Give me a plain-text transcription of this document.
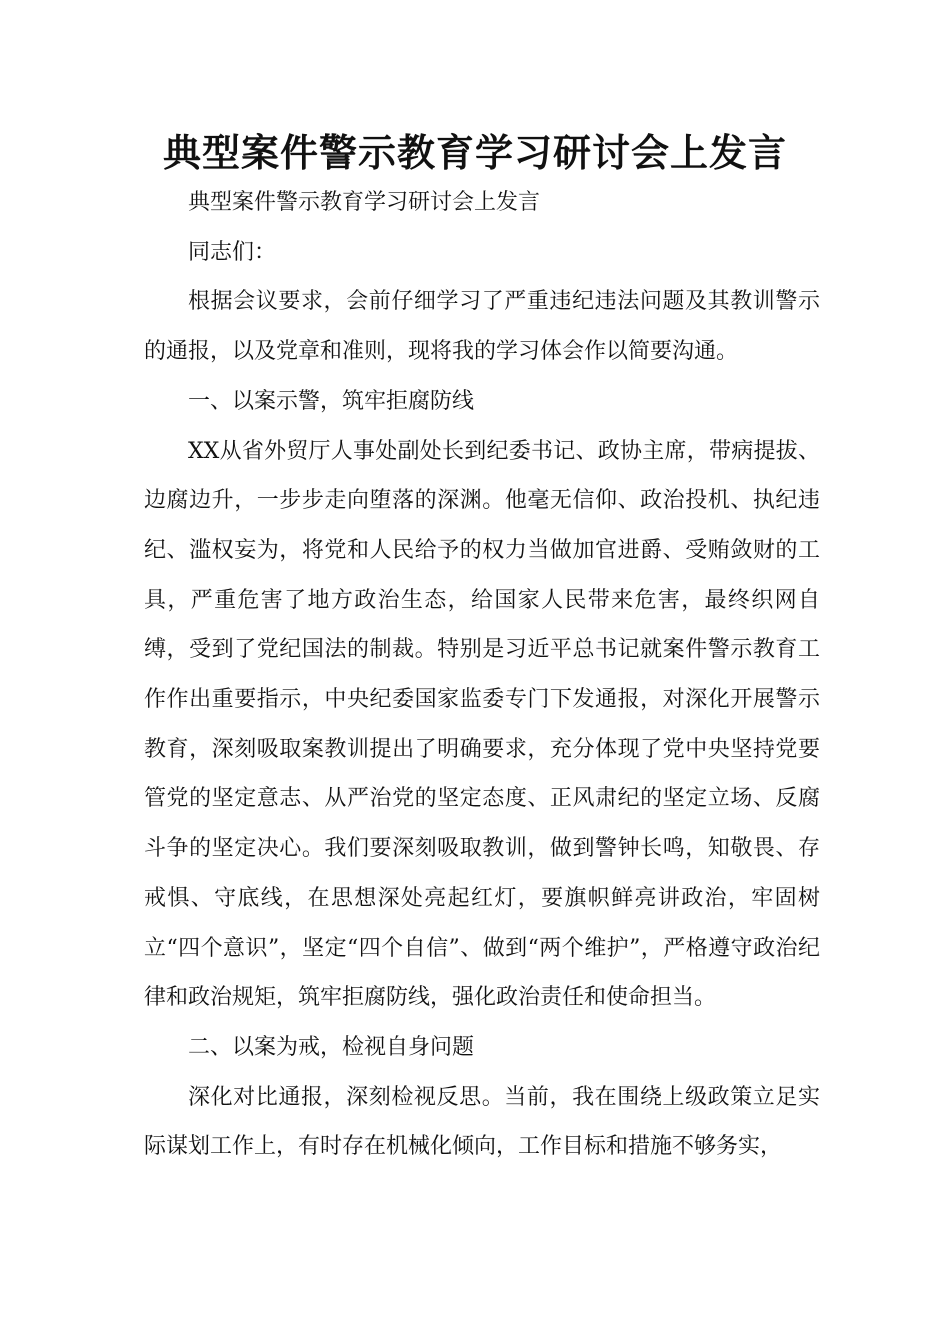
典型案件警示教育学习研讨会上发言

典型案件警示教育学习研讨会上发言

同志们：

根据会议要求，会前仔细学习了严重违纪违法问题及其教训警示的通报，以及党章和准则，现将我的学习体会作以简要沟通。

一、以案示警，筑牢拒腐防线

XX从省外贸厅人事处副处长到纪委书记、政协主席，带病提拔、边腐边升，一步步走向堕落的深渊。他毫无信仰、政治投机、执纪违纪、滥权妄为，将党和人民给予的权力当做加官进爵、受贿敛财的工具，严重危害了地方政治生态，给国家人民带来危害，最终织网自缚，受到了党纪国法的制裁。特别是习近平总书记就案件警示教育工作作出重要指示，中央纪委国家监委专门下发通报，对深化开展警示教育，深刻吸取案教训提出了明确要求，充分体现了党中央坚持党要管党的坚定意志、从严治党的坚定态度、正风肃纪的坚定立场、反腐斗争的坚定决心。我们要深刻吸取教训，做到警钟长鸣，知敬畏、存戒惧、守底线，在思想深处亮起红灯，要旗帜鲜亮讲政治，牢固树立“四个意识”，坚定“四个自信”、做到“两个维护”，严格遵守政治纪律和政治规矩，筑牢拒腐防线，强化政治责任和使命担当。

二、以案为戒，检视自身问题

深化对比通报，深刻检视反思。当前，我在围绕上级政策立足实际谋划工作上，有时存在机械化倾向，工作目标和措施不够务实，
